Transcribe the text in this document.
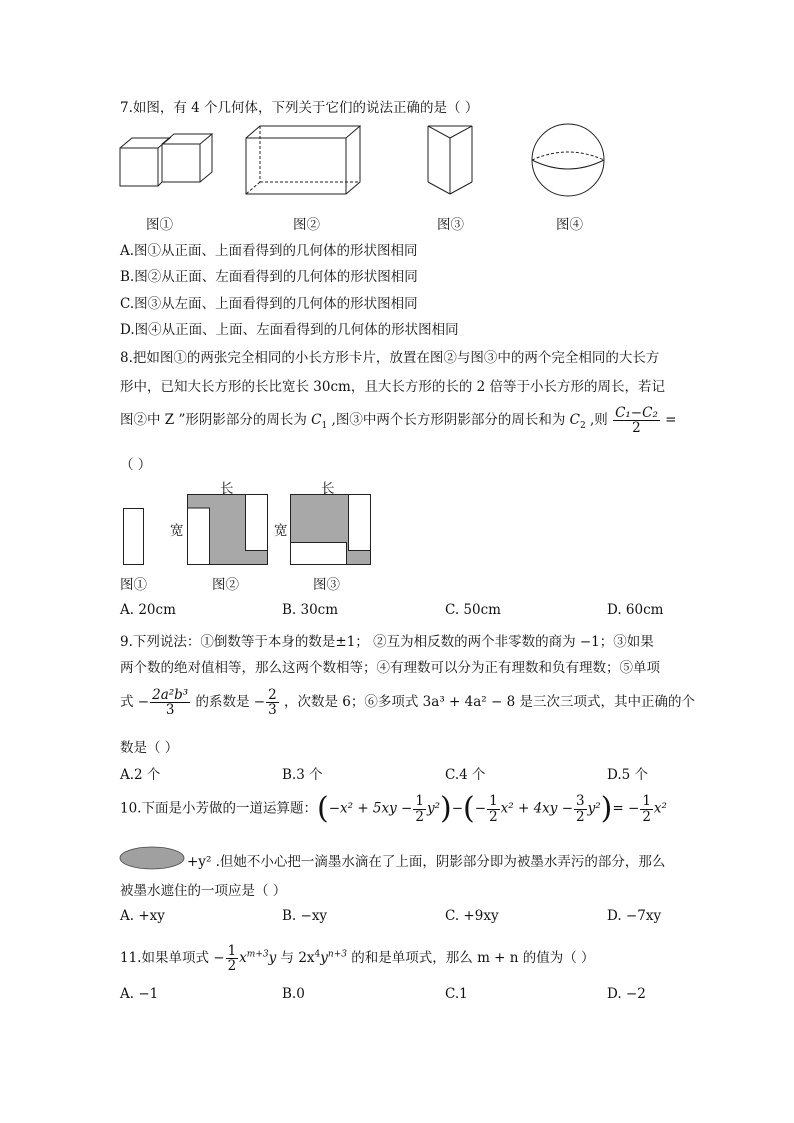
7.如图，有 4 个几何体，下列关于它们的说法正确的是（ ）
图①	图②	图③	图④
A.图①从正面、上面看得到的几何体的形状图相同
B.图②从正面、左面看得到的几何体的形状图相同
C.图③从左面、上面看得到的几何体的形状图相同
D.图④从正面、上面、左面看得到的几何体的形状图相同
8.把如图①的两张完全相同的小长方形卡片，放置在图②与图③中的两个完全相同的大长方
形中，已知大长方形的长比宽长 30cm，且大长方形的长的 2 倍等于小长方形的周长，若记
图②中 Z ”形阴影部分的周长为 $C_1$ ,图③中两个长方形阴影部分的周长和为 $C_2$ ,则 $\frac{\text{C₁−C₂}}{2}$ =
（ ）
长
宽
长
宽
图①	图②	图③
A. 20cm	B. 30cm	C. 50cm	D. 60cm
9.下列说法：①倒数等于本身的数是±1； ②互为相反数的两个非零数的商为 −1；③如果
两个数的绝对值相等，那么这两个数相等；④有理数可以分为正有理数和负有理数；⑤单项
式 − $\frac{\text{2a²b³}}{3}$ 的系数是 − $\frac{2}{3}$ ，次数是 6；⑥多项式 3a³ + 4a² − 8 是三次三项式，其中正确的个
数是（ ）
A.2 个	B.3 个	C.4 个	D.5 个
10.下面是小芳做的一道运算题：$(-x^2 + 5xy - \frac{1}{2} y^2)-(- \frac{1}{2} x^2 + 4xy - \frac{3}{2} y^2)= - \frac{1}{2} x^2$
+y² .但她不小心把一滴墨水滴在了上面，阴影部分即为被墨水弄污的部分，那么
被墨水遮住的一项应是（ ）
A. +xy	B. −xy	C. +9xy	D. −7xy
11.如果单项式 − $\frac{1}{2} x^{m+3}y$ 与 $2x^4y^{n+3}$ 的和是单项式，那么 m + n 的值为（ ）
A. −1	B.0	C.1	D. −2
